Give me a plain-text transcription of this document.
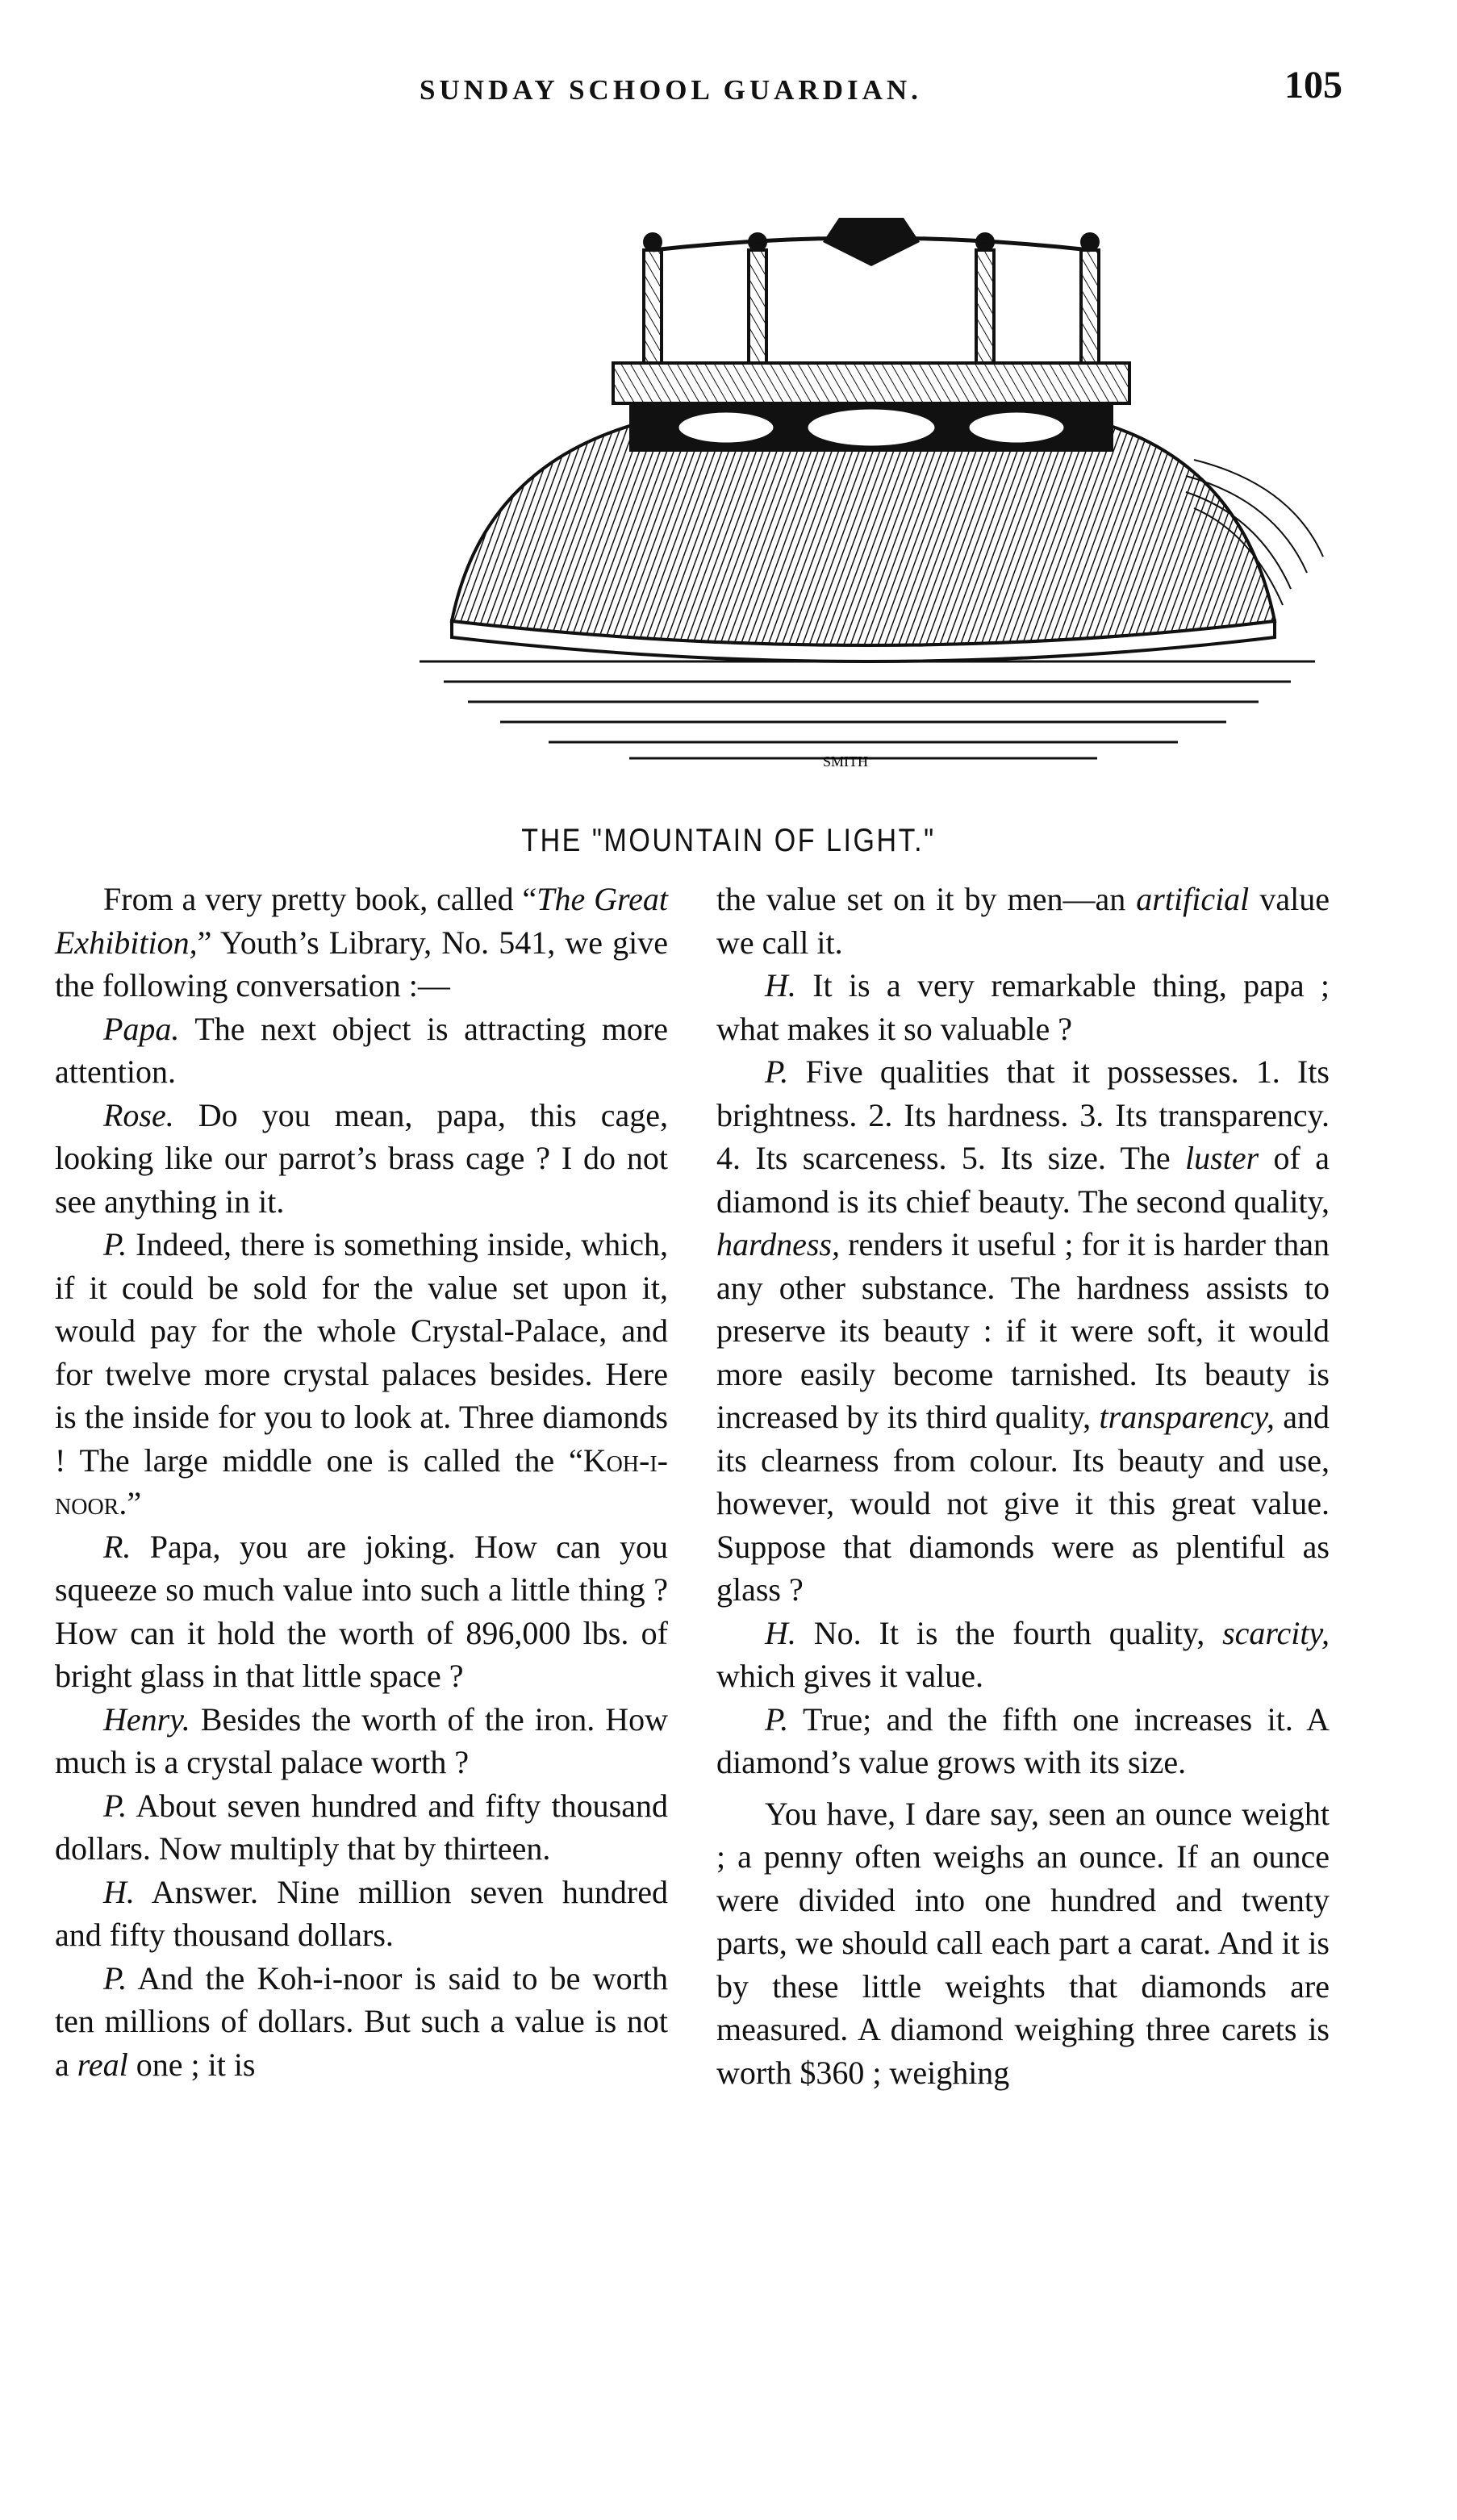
SUNDAY SCHOOL GUARDIAN.	105
SMITH
THE "MOUNTAIN OF LIGHT."

From a very pretty book, called “The Great Exhibition,” Youth’s Library, No. 541, we give the following conversation :—

Papa. The next object is attracting more attention.

Rose. Do you mean, papa, this cage, looking like our parrot’s brass cage ? I do not see anything in it.

P. Indeed, there is something inside, which, if it could be sold for the value set upon it, would pay for the whole Crystal-Palace, and for twelve more crystal palaces besides. Here is the inside for you to look at. Three diamonds ! The large middle one is called the “Koh-i-noor.”

R. Papa, you are joking. How can you squeeze so much value into such a little thing ? How can it hold the worth of 896,000 lbs. of bright glass in that little space ?

Henry. Besides the worth of the iron. How much is a crystal palace worth ?

P. About seven hundred and fifty thousand dollars. Now multiply that by thirteen.

H. Answer. Nine million seven hundred and fifty thousand dollars.

P. And the Koh-i-noor is said to be worth ten millions of dollars. But such a value is not a real one ; it is

the value set on it by men—an artificial value we call it.

H. It is a very remarkable thing, papa ; what makes it so valuable ?

P. Five qualities that it possesses. 1. Its brightness. 2. Its hardness. 3. Its transparency. 4. Its scarceness. 5. Its size. The luster of a diamond is its chief beauty. The second quality, hardness, renders it useful ; for it is harder than any other substance. The hardness assists to preserve its beauty : if it were soft, it would more easily become tarnished. Its beauty is increased by its third quality, transparency, and its clearness from colour. Its beauty and use, however, would not give it this great value. Suppose that diamonds were as plentiful as glass ?

H. No. It is the fourth quality, scarcity, which gives it value.

P. True; and the fifth one increases it. A diamond’s value grows with its size.

You have, I dare say, seen an ounce weight ; a penny often weighs an ounce. If an ounce were divided into one hundred and twenty parts, we should call each part a carat. And it is by these little weights that diamonds are measured. A diamond weighing three carets is worth $360 ; weighing
